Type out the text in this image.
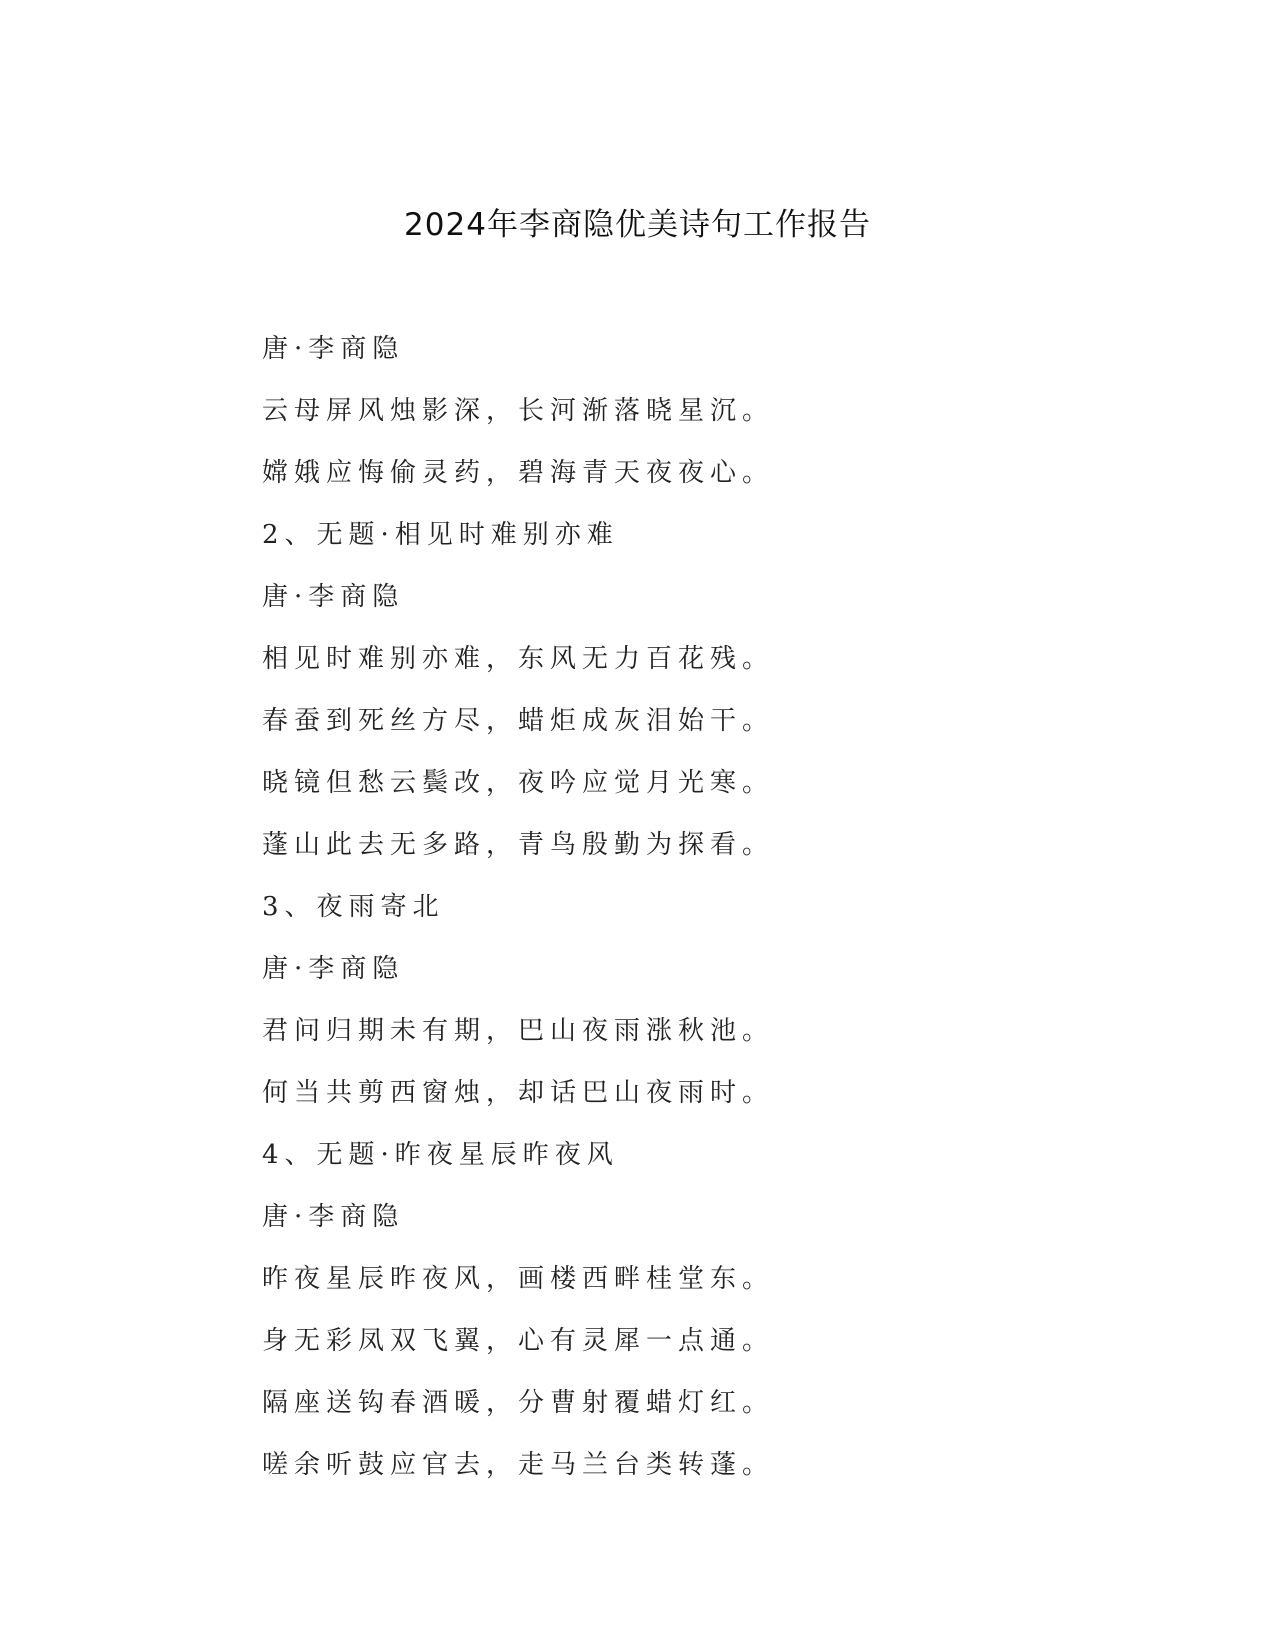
2024年李商隐优美诗句工作报告
唐·李商隐
云母屏风烛影深，长河渐落晓星沉。
嫦娥应悔偷灵药，碧海青天夜夜心。
2、无题·相见时难别亦难
唐·李商隐
相见时难别亦难，东风无力百花残。
春蚕到死丝方尽，蜡炬成灰泪始干。
晓镜但愁云鬓改，夜吟应觉月光寒。
蓬山此去无多路，青鸟殷勤为探看。
3、夜雨寄北
唐·李商隐
君问归期未有期，巴山夜雨涨秋池。
何当共剪西窗烛，却话巴山夜雨时。
4、无题·昨夜星辰昨夜风
唐·李商隐
昨夜星辰昨夜风，画楼西畔桂堂东。
身无彩凤双飞翼，心有灵犀一点通。
隔座送钩春酒暖，分曹射覆蜡灯红。
嗟余听鼓应官去，走马兰台类转蓬。
